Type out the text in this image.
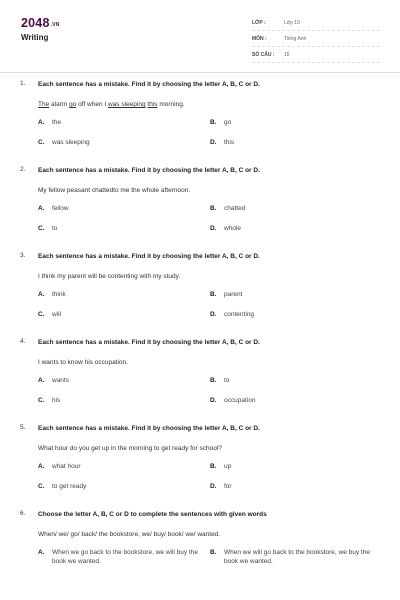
2048.VN
Writing
LỚP :	Lớp 10
MÔN :	Tiếng Anh
SỐ CÂU :	15
1. Each sentence has a mistake. Find it by choosing the letter A, B, C or D.
The alarm go off when I was sleeping this morning.
A.	the	B.	go
C.	was sleeping	D.	this
2. Each sentence has a mistake. Find it by choosing the letter A, B, C or D.
My fellow peasant chattedto me the whole afternoon.
A.	fellow	B.	chatted
C.	to	D.	whole
3. Each sentence has a mistake. Find it by choosing the letter A, B, C or D.
I think my parent will be contenting with my study.
A.	think	B.	parent
C.	will	D.	contenting
4. Each sentence has a mistake. Find it by choosing the letter A, B, C or D.
I wants to know his occupation.
A.	wants	B.	to
C.	his	D.	occupation
5. Each sentence has a mistake. Find it by choosing the letter A, B, C or D.
What hour do you get up in the morning to get ready for school?
A.	what hour	B.	up
C.	to get ready	D.	for
6. Choose the letter A, B, C or D to complete the sentences with given words
When/ we/ go/ back/ the bookstore, we/ buy/ book/ we/ wanted.
A.	When we go back to the bookstore, we will buy the book we wanted.
B.	When we will go back to the bookstore, we buy the book we wanted.
